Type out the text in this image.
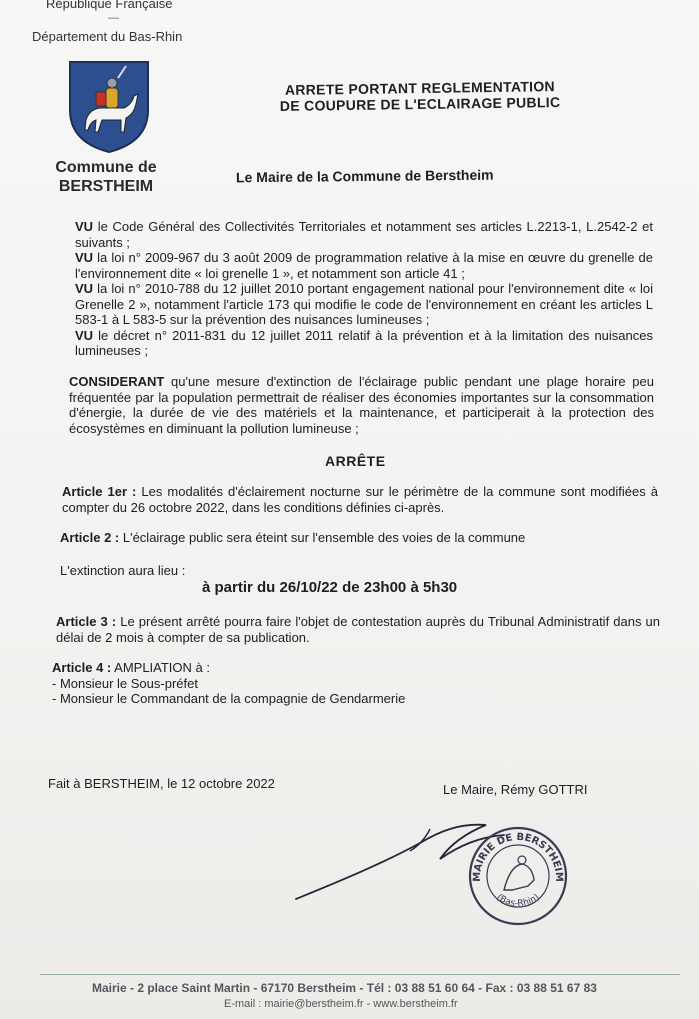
République Française
—
Département du Bas-Rhin
Commune de
BERSTHEIM
ARRETE PORTANT REGLEMENTATION
DE COUPURE DE L'ECLAIRAGE PUBLIC
Le Maire de la Commune de Berstheim

VU le Code Général des Collectivités Territoriales et notamment ses articles L.2213-1, L.2542-2 et suivants ;

VU la loi n° 2009-967 du 3 août 2009 de programmation relative à la mise en œuvre du grenelle de l'environnement dite « loi grenelle 1 », et notamment son article 41 ;

VU la loi n° 2010-788 du 12 juillet 2010 portant engagement national pour l'environnement dite « loi Grenelle 2 », notamment l'article 173 qui modifie le code de l'environnement en créant les articles L 583-1 à L 583-5 sur la prévention des nuisances lumineuses ;

VU le décret n° 2011-831 du 12 juillet 2011 relatif à la prévention et à la limitation des nuisances lumineuses ;

CONSIDERANT qu'une mesure d'extinction de l'éclairage public pendant une plage horaire peu fréquentée par la population permettrait de réaliser des économies importantes sur la consommation d'énergie, la durée de vie des matériels et la maintenance, et participerait à la protection des écosystèmes en diminuant la pollution lumineuse ;
ARRÊTE
Article 1er : Les modalités d'éclairement nocturne sur le périmètre de la commune sont modifiées à compter du 26 octobre 2022, dans les conditions définies ci-après.
Article 2 : L'éclairage public sera éteint sur l'ensemble des voies de la commune
L'extinction aura lieu :
à partir du 26/10/22 de 23h00 à 5h30
Article 3 : Le présent arrêté pourra faire l'objet de contestation auprès du Tribunal Administratif dans un délai de 2 mois à compter de sa publication.

Article 4 : AMPLIATION à :

- Monsieur le Sous-préfet

- Monsieur le Commandant de la compagnie de Gendarmerie

Fait à BERSTHEIM, le 12 octobre 2022	Le Maire, Rémy GOTTRI
MAIRIE DE BERSTHEIM
(Bas-Rhin)
Mairie - 2 place Saint Martin - 67170 Berstheim - Tél : 03 88 51 60 64 - Fax : 03 88 51 67 83
E-mail : mairie@berstheim.fr - www.berstheim.fr
